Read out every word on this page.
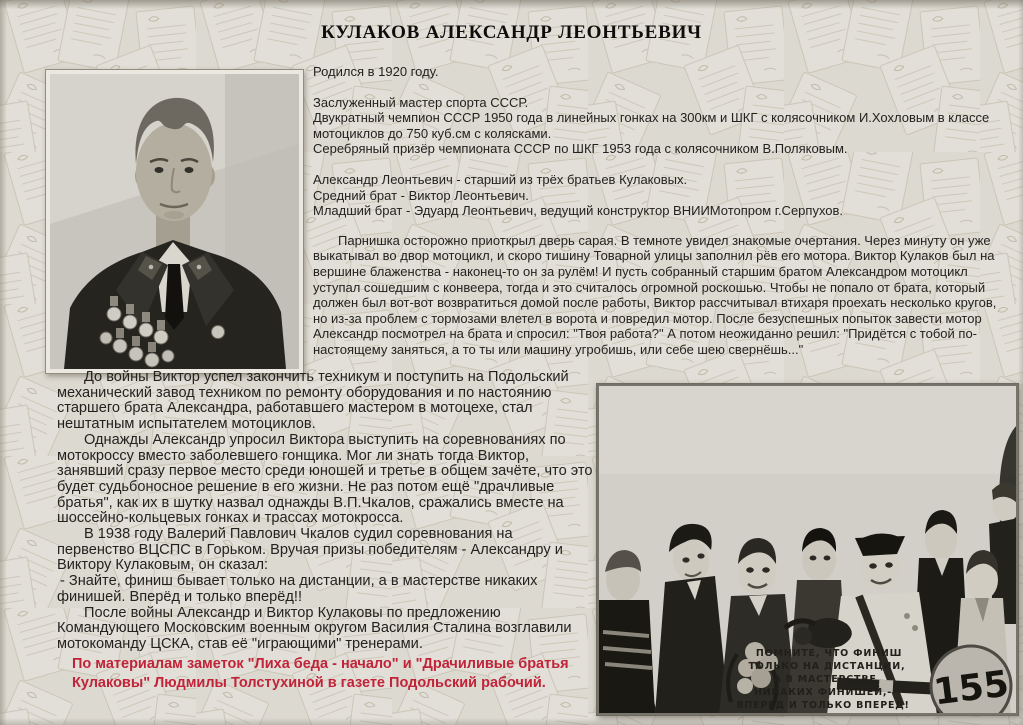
КУЛАКОВ АЛЕКСАНДР ЛЕОНТЬЕВИЧ

Родился в 1920 году.

Заслуженный мастер спорта СССР.

Двукратный чемпион СССР 1950 года в линейных гонках на 300км и ШКГ с колясочником И.Хохловым в классе мотоциклов до 750 куб.см с колясками.

Серебряный призёр чемпионата СССР по ШКГ 1953 года с колясочником В.Поляковым.

Александр Леонтьевич - старший из трёх братьев Кулаковых.

Средний брат - Виктор Леонтьевич.

Младший брат - Эдуард Леонтьевич, ведущий конструктор ВНИИМотопром г.Серпухов.

Парнишка осторожно приоткрыл дверь сарая. В темноте увидел знакомые очертания. Через минуту он уже выкатывал во двор мотоцикл, и скоро тишину Товарной улицы заполнил рёв его мотора. Виктор Кулаков был на вершине блаженства - наконец-то он за рулём! И пусть собранный старшим братом Александром мотоцикл уступал сошедшим с конвеера, тогда и это считалось огромной роскошью. Чтобы не попало от брата, который должен был вот-вот возвратиться домой после работы, Виктор рассчитывал втихаря проехать несколько кругов, но из-за проблем с тормозами влетел в ворота и повредил мотор. После безуспешных попыток завести мотор Александр посмотрел на брата и спросил: "Твоя работа?" А потом неожиданно решил: "Придётся с тобой по-настоящему заняться, а то ты или машину угробишь, или себе шею свернёшь..."

До войны Виктор успел закончить техникум и поступить на Подольский механический завод техником по ремонту оборудования и по настоянию старшего брата Александра, работавшего мастером в мотоцехе, стал нештатным испытателем мотоциклов.

Однажды Александр упросил Виктора выступить на соревнованиях по мотокроссу вместо заболевшего гонщика. Мог ли знать тогда Виктор, занявший сразу первое место среди юношей и третье в общем зачёте, что это будет судьбоносное решение в его жизни. Не раз потом ещё "драчливые братья", как их в шутку назвал однажды В.П.Чкалов, сражались вместе на шоссейно-кольцевых гонках и трассах мотокросса.

В 1938 году Валерий Павлович Чкалов судил соревнования на первенство ВЦСПС в Горьком. Вручая призы победителям - Александру и Виктору Кулаковым, он сказал:

- Знайте, финиш бывает только на дистанции, а в мастерстве никаких финишей. Вперёд и только вперёд!!

После войны Александр и Виктор Кулаковы по предложению Командующего Московским военным округом Василия Сталина возглавили мотокоманду ЦСКА, став её "играющими" тренерами.

По материалам заметок "Лиха беда - начало" и "Драчиливые братья
Кулаковы" Людмилы Толстухиной в газете Подольский рабочий.
ПОМНИТЕ, ЧТО ФИНИШ
ТОЛЬКО НА ДИСТАНЦИИ,
А В МАСТЕРСТВЕ
НИКАКИХ ФИНИШЕЙ,-
ВПЕРЕД И ТОЛЬКО ВПЕРЕД! 155
